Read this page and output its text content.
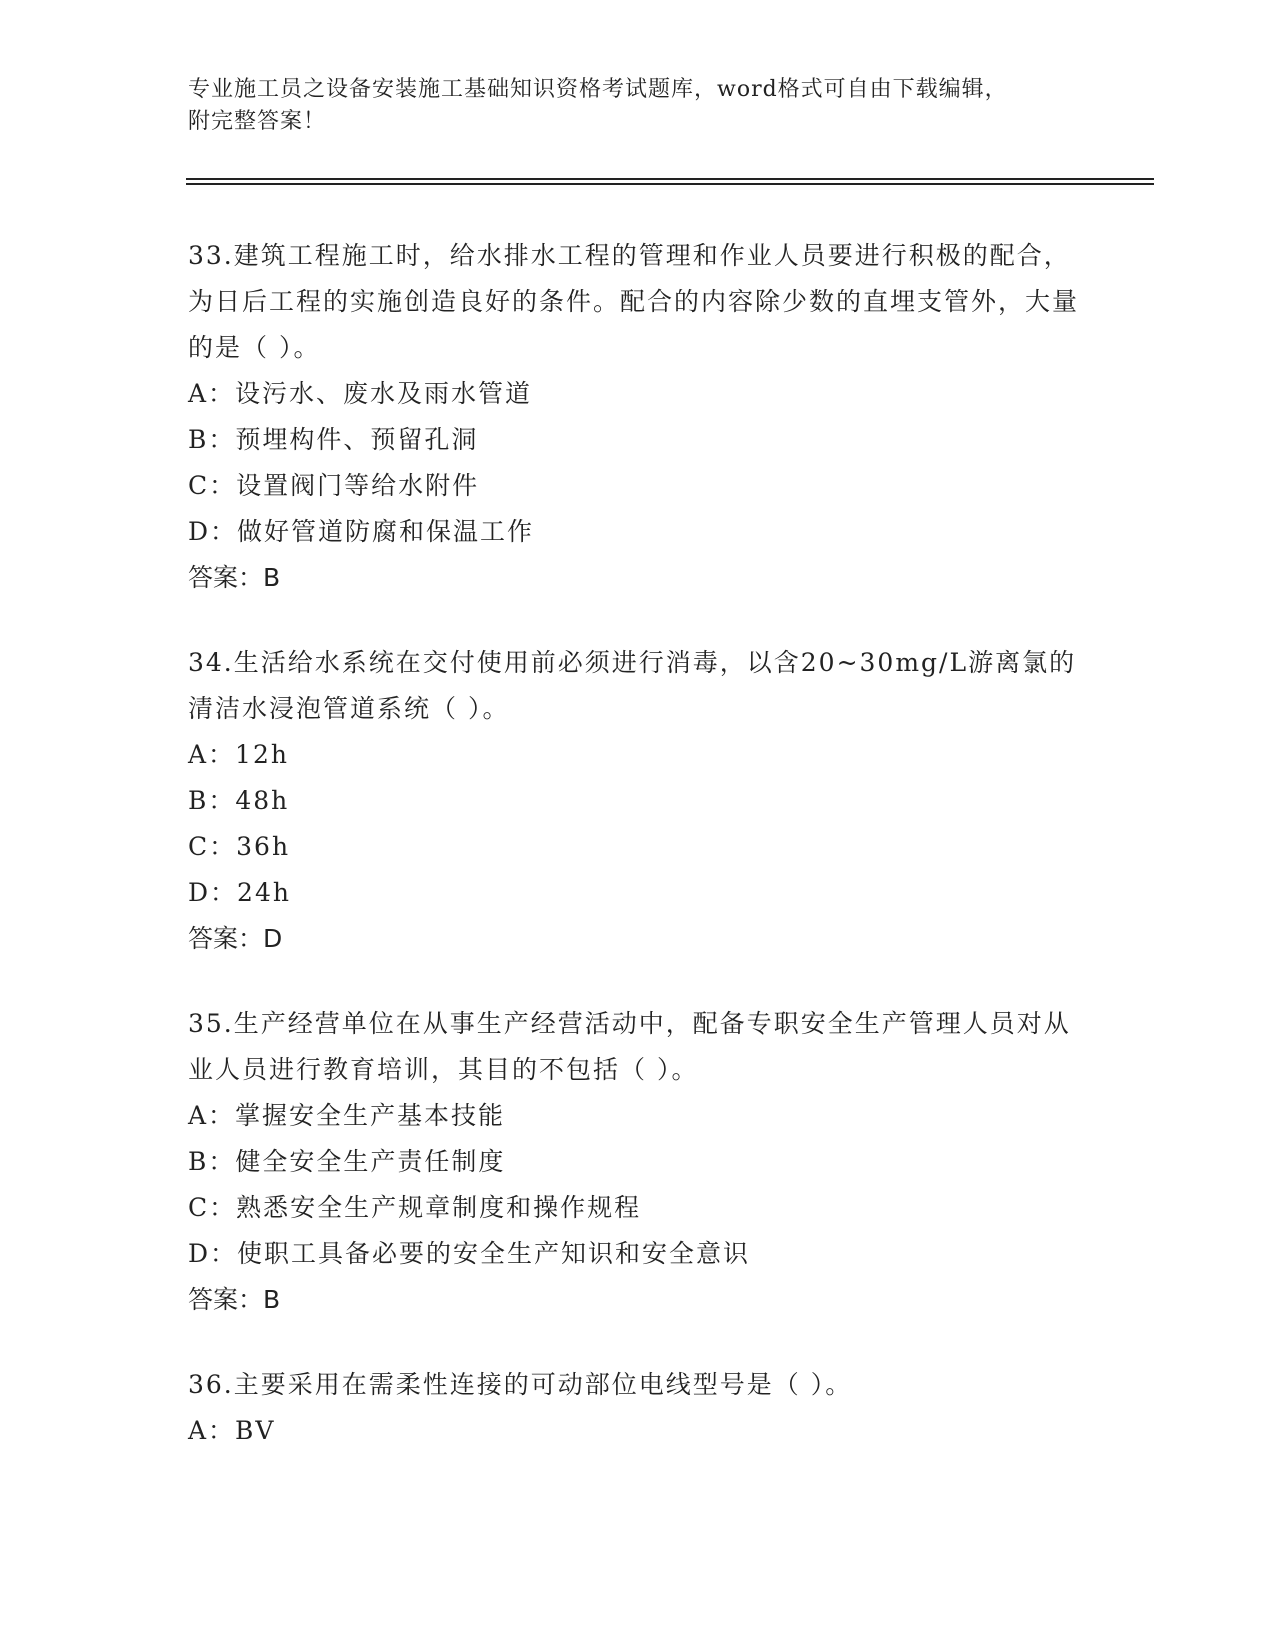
专业施工员之设备安装施工基础知识资格考试题库，word格式可自由下载编辑，
附完整答案！

33.建筑工程施工时，给水排水工程的管理和作业人员要进行积极的配合，为日后工程的实施创造良好的条件。配合的内容除少数的直埋支管外，大量的是（ ）。

A：设污水、废水及雨水管道

B：预埋构件、预留孔洞

C：设置阀门等给水附件

D：做好管道防腐和保温工作

答案：B

34.生活给水系统在交付使用前必须进行消毒，以含20~30mg/L游离氯的清洁水浸泡管道系统（ ）。

A：12h

B：48h

C：36h

D：24h

答案：D

35.生产经营单位在从事生产经营活动中，配备专职安全生产管理人员对从业人员进行教育培训，其目的不包括（ ）。

A：掌握安全生产基本技能

B：健全安全生产责任制度

C：熟悉安全生产规章制度和操作规程

D：使职工具备必要的安全生产知识和安全意识

答案：B

36.主要采用在需柔性连接的可动部位电线型号是（ ）。

A：BV
